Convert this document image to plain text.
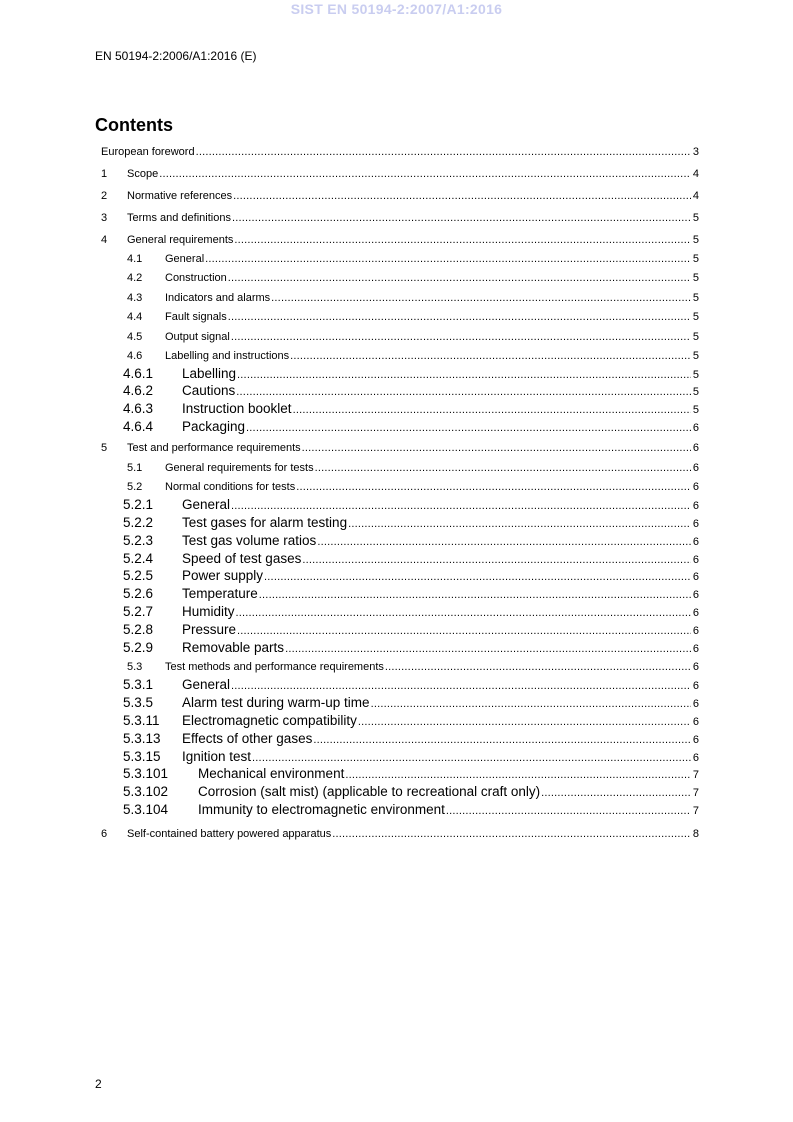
SIST EN 50194-2:2007/A1:2016
EN 50194-2:2006/A1:2016 (E)
Contents
European foreword .....	3
1	Scope .....	4
2	Normative references .....	4
3	Terms and definitions .....	5
4	General requirements .....	5
4.1	General .....	5
4.2	Construction .....	5
4.3	Indicators and alarms .....	5
4.4	Fault signals .....	5
4.5	Output signal .....	5
4.6	Labelling and instructions .....	5
4.6.1	Labelling .....	5
4.6.2	Cautions .....	5
4.6.3	Instruction booklet .....	5
4.6.4	Packaging .....	6
5	Test and performance requirements .....	6
5.1	General requirements for tests .....	6
5.2	Normal conditions for tests .....	6
5.2.1	General .....	6
5.2.2	Test gases for alarm testing .....	6
5.2.3	Test gas volume ratios .....	6
5.2.4	Speed of test gases .....	6
5.2.5	Power supply .....	6
5.2.6	Temperature .....	6
5.2.7	Humidity .....	6
5.2.8	Pressure .....	6
5.2.9	Removable parts .....	6
5.3	Test methods and performance requirements .....	6
5.3.1	General .....	6
5.3.5	Alarm test during warm-up time .....	6
5.3.11	Electromagnetic compatibility .....	6
5.3.13	Effects of other gases .....	6
5.3.15	Ignition test .....	6
5.3.101	Mechanical environment .....	7
5.3.102	Corrosion (salt mist) (applicable to recreational craft only) .....	7
5.3.104	Immunity to electromagnetic environment .....	7
6	Self-contained battery powered apparatus .....	8
2
